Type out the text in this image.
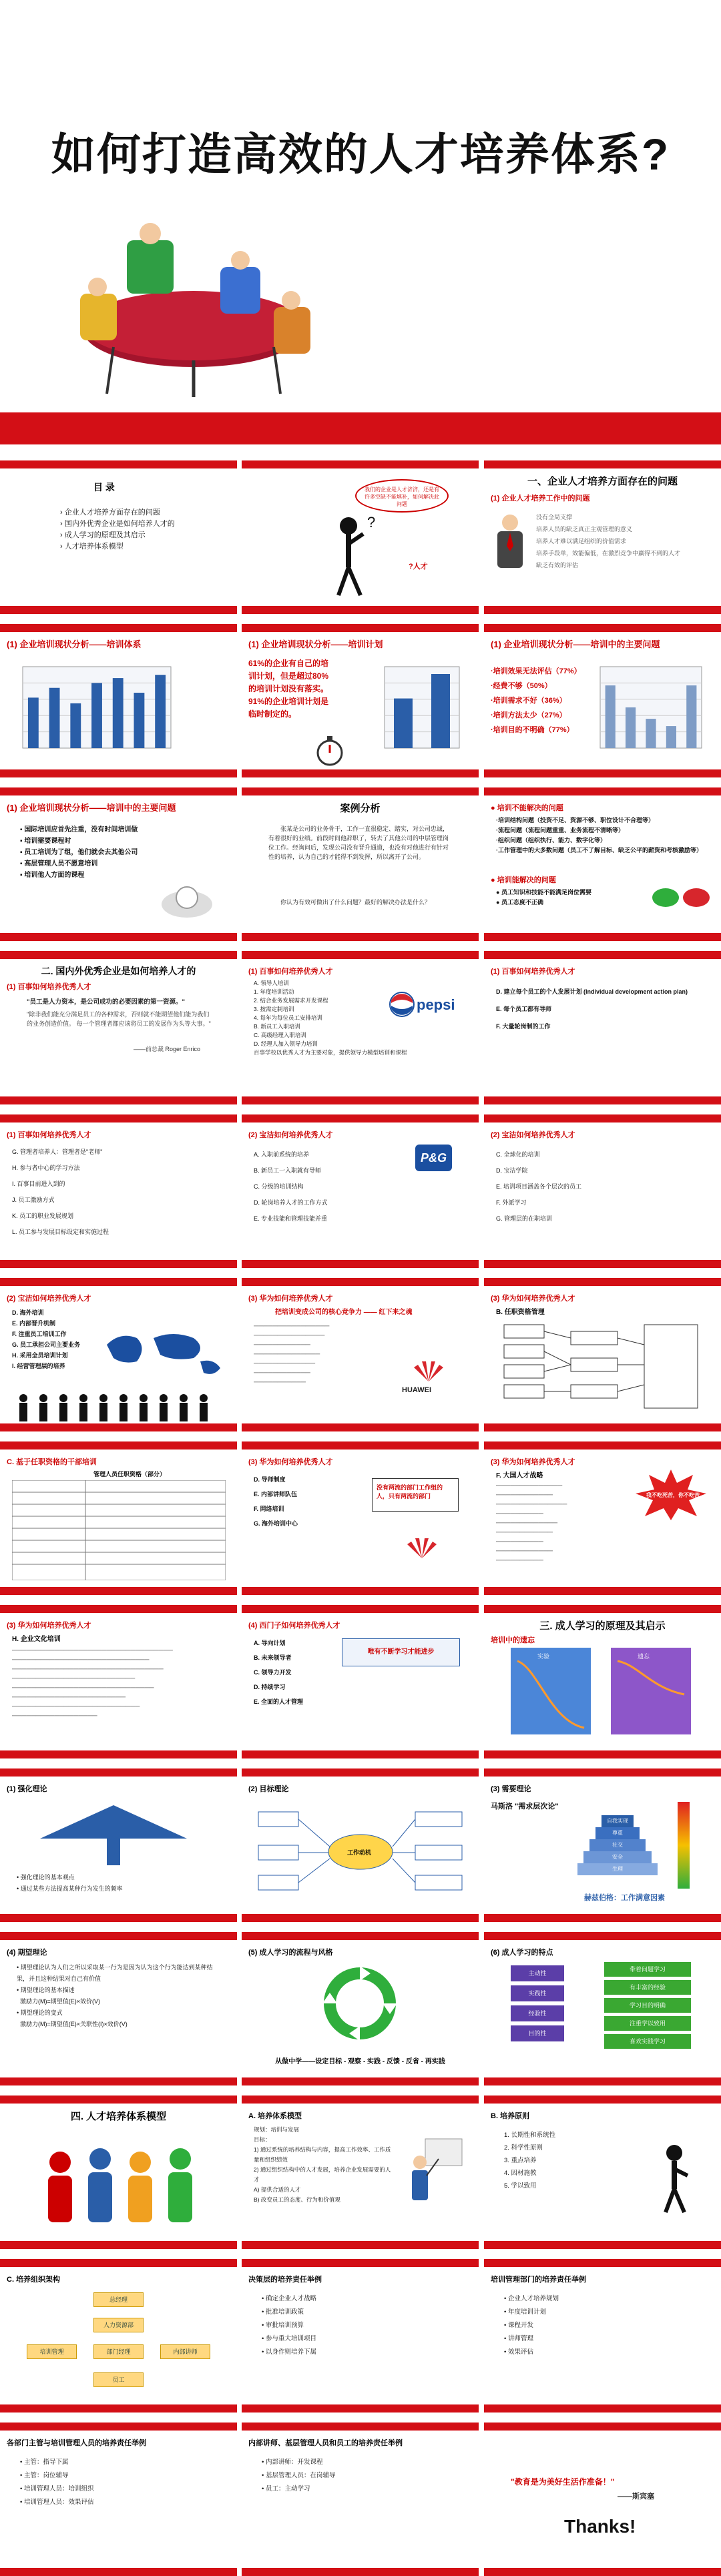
如何打造高效的人才培养体系?
目 录
› 企业人才培养方面存在的问题
› 国内外优秀企业是如何培养人才的
› 成人学习的原理及其启示
› 人才培养体系模型
我们的企业是人才济济，还是有许多空缺不能填补，如何解决此问题
?
?人才
一、企业人才培养方面存在的问题
(1) 企业人才培养工作中的问题
没有全局支撑
培养人员的缺乏真正主观管理的意义
培养人才难以满足组织的价值需求
培养手段单，效能偏低，在激烈竞争中赢得不到的人才
缺乏有效的评估
(1) 企业培训现状分析——培训体系	(1) 企业培训现状分析——培训计划
61%的企业有自己的培训计划，但是超过80%的培训计划没有落实。
91%的企业培训计划是临时制定的。
(1) 企业培训现状分析——培训中的主要问题
·培训效果无法评估（77%）
·经费不够（50%）
·培训需求不好（36%）
·培训方法太少（27%）
·培训目的不明确（77%）
(1) 企业培训现状分析——培训中的主要问题
▪ 国际培训应首先注重，没有时间培训做
▪ 培训需要课程时
▪ 员工培训为了组，他们就会去其他公司
▪ 高层管理人员不愿意培训
▪ 培训他人方面的课程
案例分析
张某是公司的业务骨干，工作一直很稳定、踏实，对公司忠诚，有着很好的业绩。前段时间他辞职了，转去了其他公司的中层管理岗位工作。经询问后，发现公司没有晋升通道，也没有对他进行有针对性的培养，认为自己的才能得不到发挥，所以离开了公司。
你认为有效可做出了什么问题？最好的解决办法是什么？
● 培训不能解决的问题
·培训结构问题（投资不足、资源不够、职位设计不合理等）
·流程问题（流程问题重重、业务流程不清晰等）
·组织问题（组织执行、能力、数字化等）
·工作管理中的大多数问题（员工不了解目标、缺乏公平的薪资和考核激励等）
● 培训能解决的问题
● 员工知识和技能不能满足岗位需要
● 员工态度不正确
二. 国内外优秀企业是如何培养人才的
(1) 百事如何培养优秀人才
"员工是人力资本，是公司成功的必要因素的第一资源。"
"除非我们能充分满足员工的各种需求，否则就不能期望他们能为我们的业务创造价值。 每一个管理者都应该将员工的发展作为头等大事。"
——前总裁 Roger Enrico
(1) 百事如何培养优秀人才
A. 领导人培训
1. 年度培训活动
2. 结合业务发展需求开发课程
3. 按需定制培训
4. 每年为每位员工安排培训
B. 新员工入职培训
C. 高级经理入职培训
D. 经理人加入领导力培训
百事学校以优秀人才为主要对象，提供领导力模型培训和课程
pepsi
(1) 百事如何培养优秀人才
D. 建立每个员工的个人发展计划 (Individual development action plan)
E. 每个员工都有导师
F. 大量轮岗制的工作
(1) 百事如何培养优秀人才
G. 管理者培养人：管理者是"老师"
H. 参与者中心的学习方法
I. 百事目前进入到的
J. 员工激励方式
K. 员工的职业发展规划
L. 员工参与发展目标设定和实施过程
(2) 宝洁如何培养优秀人才
A. 入职前系统的培养
B. 新员工一入职就有导师
C. 分级的培训结构
D. 轮岗培养人才的工作方式
E. 专业技能和管理技能并重
P&G
(2) 宝洁如何培养优秀人才
C. 全球化的培训
D. 宝洁学院
E. 培训项目涵盖各个层次的员工
F. 外派学习
G. 管理层的在职培训
(2) 宝洁如何培养优秀人才
D. 海外培训
E. 内部晋升机制
F. 注重员工培训工作
G. 员工承担公司主要业务
H. 采用全员培训计划
I. 经营管理层的培养
(3) 华为如何培养优秀人才
把培训变成公司的核心竞争力 —— 红下来之魂
────────────────
───────────────
────────────
──────────────
─────────────
────────────
───────────
HUAWEI
(3) 华为如何培养优秀人才
B. 任职资格管理
C. 基于任职资格的干部培训
管理人员任职资格（部分）
(3) 华为如何培养优秀人才
D. 导师制度
E. 内部讲师队伍
F. 网络培训
G. 海外培训中心
没有两流的部门工作组的人，只有两流的部门
(3) 华为如何培养优秀人才
F. 大国人才战略
──────────────
────────────
───────────────
──────────
─────────────
────────────
──────────
────────────
──────────
我不吃死苦，你不吃苦
(3) 华为如何培养优秀人才
H. 企业文化培训
──────────────────────────────────
─────────────────────────────
────────────────────────────────
──────────────────────────
──────────────────────────────
────────────────────────
───────────────────────────
──────────────────
(4) 西门子如何培养优秀人才
A. 导向计划
B. 未来领导者
C. 领导力开发
D. 持续学习
E. 全面的人才管理
唯有不断学习才能进步
三. 成人学习的原理及其启示
培训中的遗忘
实验	遗忘
(1) 强化理论
• 强化理论的基本观点
• 通过某些方法提高某种行为发生的频率
(2) 目标理论
工作动机
(3) 需要理论
马斯洛 "需求层次论"
自我实现
尊重
社交
安全
生理
赫兹伯格：工作满意因素
(4) 期望理论
• 期望理论认为人们之所以采取某一行为是因为认为这个行为能达到某种结果，并且这种结果对自己有价值
• 期望理论的基本描述
激励力(M)=期望值(E)×效价(V)
• 期望理论的变式
激励力(M)=期望值(E)×关联性(I)×效价(V)
(5) 成人学习的流程与风格
从做中学——设定目标 - 观察 - 实践 - 反馈 - 反省 - 再实践
(6) 成人学习的特点
主动性
实践性
经验性
目的性
带着问题学习
有丰富的经验
学习目的明确
注重学以致用
喜欢实践学习
四. 人才培养体系模型	A. 培养体系模型
规划：培训与发展
目标：
1) 通过系统的培养结构与内容，提高工作效率、工作质量和组织绩效
2) 通过组织结构中的人才发展，培养企业发展需要的人才
A) 提供合适的人才
B) 改变员工的态度、行为和价值观
B. 培养原则
1. 长期性和系统性
2. 科学性原则
3. 重点培养
4. 因材施教
5. 学以致用
C. 培养组织架构
总经理
人力资源部
培训管理	部门经理	内部讲师
员工
决策层的培养责任举例
• 确定企业人才战略
• 批准培训政策
• 审批培训预算
• 参与重大培训项目
• 以身作则培养下属
培训管理部门的培养责任举例
• 企业人才培养规划
• 年度培训计划
• 课程开发
• 讲师管理
• 效果评估
各部门主管与培训管理人员的培养责任举例
• 主管：指导下属
• 主管：岗位辅导
• 培训管理人员：培训组织
• 培训管理人员：效果评估
内部讲师、基层管理人员和员工的培养责任举例
• 内部讲师：开发课程
• 基层管理人员：在岗辅导
• 员工：主动学习
"教育是为美好生活作准备！"
——斯宾塞
Thanks!
